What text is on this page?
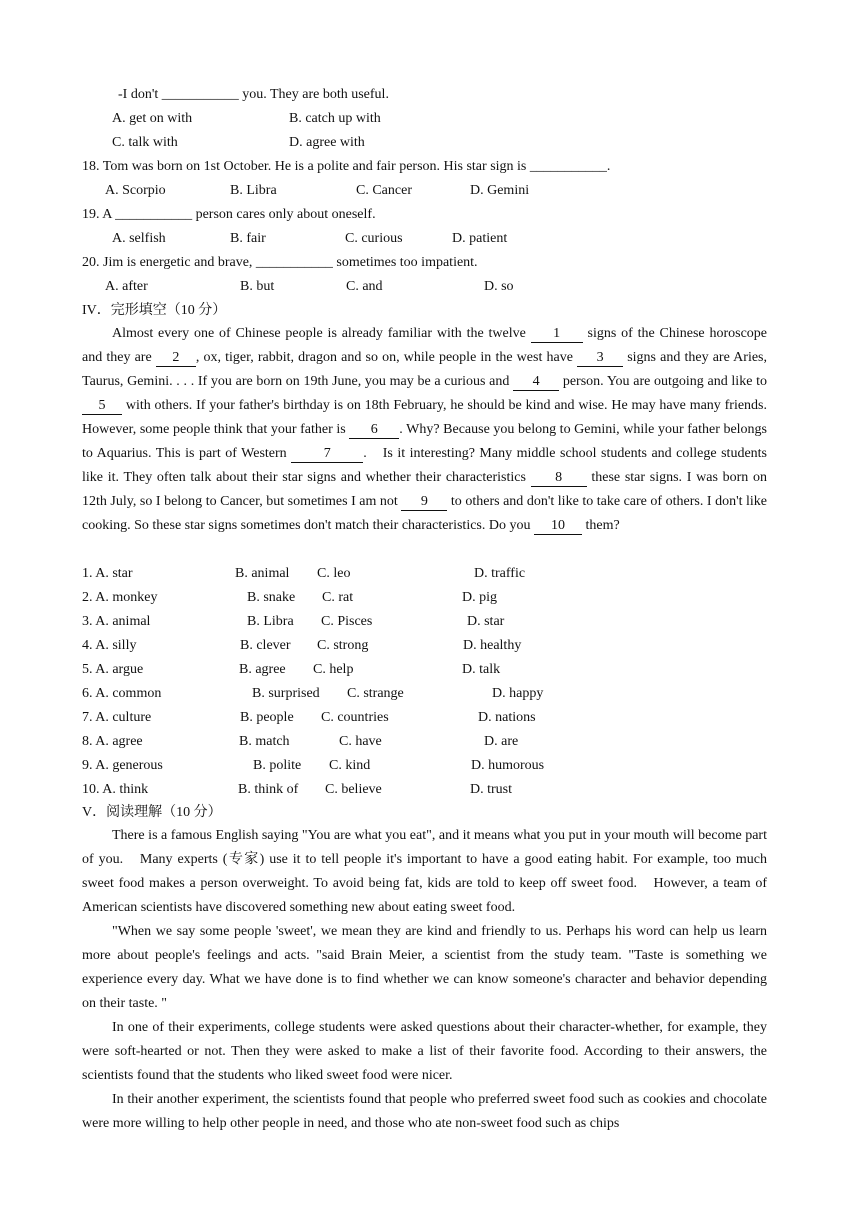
-I don't ___________ you. They are both useful.
A. get on with	B. catch up with
C. talk with	D. agree with
18. Tom was born on 1st October. He is a polite and fair person. His star sign is ___________.
A. Scorpio	B. Libra	C. Cancer	D. Gemini
19. A ___________ person cares only about oneself.
A. selfish	B. fair	C. curious	D. patient
20. Jim is energetic and brave, ___________ sometimes too impatient.
A. after	B. but	C. and	D. so
IV．完形填空（10 分）
Almost every one of Chinese people is already familiar with the twelve 1 signs of the Chinese horoscope and they are 2 , ox, tiger, rabbit, dragon and so on, while people in the west have 3 signs and they are Aries, Taurus, Gemini. . . . If you are born on 19th June, you may be a curious and 4 person. You are outgoing and like to 5 with others. If your father's birthday is on 18th February, he should be kind and wise. He may have many friends. However, some people think that your father is 6 . Why? Because you belong to Gemini, while your father belongs to Aquarius. This is part of Western	7 .　Is it interesting? Many middle school students and college students like it. They often talk about their star signs and whether their characteristics 8 these star signs. I was born on 12th July, so I belong to Cancer, but sometimes I am not 9 to others and don't like to take care of others. I don't like cooking. So these star signs sometimes don't match their characteristics. Do you 10 them?
1. A. star	B. animal C. leo	D. traffic
2. A. monkey	B. snake C. rat	D. pig
3. A. animal	B. Libra C. Pisces	D. star
4. A. silly	B. clever C. strong	D. healthy
5. A. argue	B. agree C. help	D. talk
6. A. common	B. surprised C. strange	D. happy
7. A. culture	B. people C. countries	D. nations
8. A. agree	B. match	C. have	D. are
9. A. generous	B. polite C. kind	D. humorous
10. A. think	B. think of C. believe	D. trust
V．阅读理解（10 分）
There is a famous English saying "You are what you eat", and it means what you put in your mouth will become part of you.　Many experts (专家) use it to tell people it's important to have a good eating habit. For example, too much sweet food makes a person overweight. To avoid being fat, kids are told to keep off sweet food.　However, a team of American scientists have discovered something new about eating sweet food.
"When we say some people 'sweet', we mean they are kind and friendly to us. Perhaps his word can help us learn more about people's feelings and acts. "said Brain Meier, a scientist from the study team. "Taste is something we experience every day. What we have done is to find whether we can know someone's character and behavior depending on their taste. "
In one of their experiments, college students were asked questions about their character-whether, for example, they were soft-hearted or not. Then they were asked to make a list of their favorite food. According to their answers, the scientists found that the students who liked sweet food were nicer.
In their another experiment, the scientists found that people who preferred sweet food such as cookies and chocolate were more willing to help other people in need, and those who ate non-sweet food such as chips
